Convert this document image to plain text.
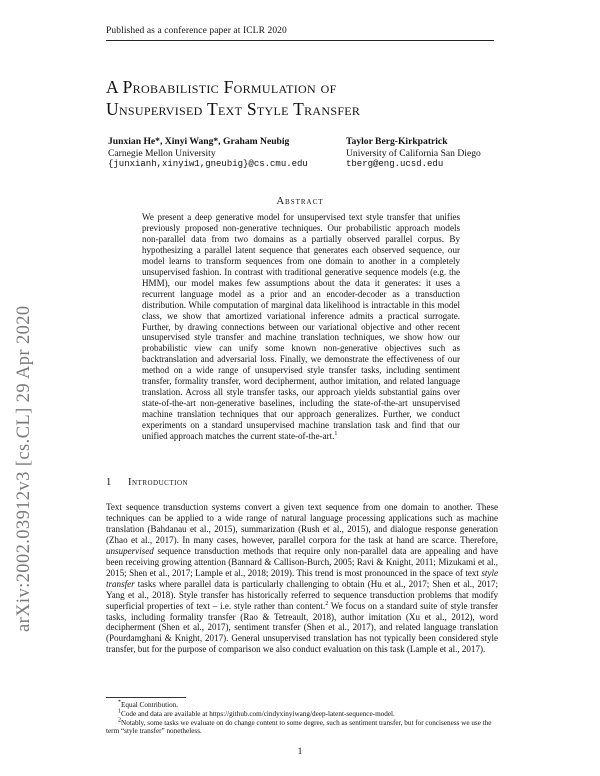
Published as a conference paper at ICLR 2020
arXiv:2002.03912v3 [cs.CL] 29 Apr 2020
A Probabilistic Formulation of
Unsupervised Text Style Transfer
Junxian He*, Xinyi Wang*, Graham Neubig
Carnegie Mellon University
{junxianh,xinyiw1,gneubig}@cs.cmu.edu
Taylor Berg-Kirkpatrick
University of California San Diego
tberg@eng.ucsd.edu
Abstract
We present a deep generative model for unsupervised text style transfer that unifies previously proposed non-generative techniques. Our probabilistic approach models non-parallel data from two domains as a partially observed parallel corpus. By hypothesizing a parallel latent sequence that generates each observed sequence, our model learns to transform sequences from one domain to another in a completely unsupervised fashion. In contrast with traditional generative sequence models (e.g. the HMM), our model makes few assumptions about the data it generates: it uses a recurrent language model as a prior and an encoder-decoder as a transduction distribution. While computation of marginal data likelihood is intractable in this model class, we show that amortized variational inference admits a practical surrogate. Further, by drawing connections between our variational objective and other recent unsupervised style transfer and machine translation techniques, we show how our probabilistic view can unify some known non-generative objectives such as backtranslation and adversarial loss. Finally, we demonstrate the effectiveness of our method on a wide range of unsupervised style transfer tasks, including sentiment transfer, formality transfer, word decipherment, author imitation, and related language translation. Across all style transfer tasks, our approach yields substantial gains over state-of-the-art non-generative baselines, including the state-of-the-art unsupervised machine translation techniques that our approach generalizes. Further, we conduct experiments on a standard unsupervised machine translation task and find that our unified approach matches the current state-of-the-art.$^1$
1 Introduction
Text sequence transduction systems convert a given text sequence from one domain to another. These techniques can be applied to a wide range of natural language processing applications such as machine translation (Bahdanau et al., 2015), summarization (Rush et al., 2015), and dialogue response generation (Zhao et al., 2017). In many cases, however, parallel corpora for the task at hand are scarce. Therefore, unsupervised sequence transduction methods that require only non-parallel data are appealing and have been receiving growing attention (Bannard & Callison-Burch, 2005; Ravi & Knight, 2011; Mizukami et al., 2015; Shen et al., 2017; Lample et al., 2018; 2019). This trend is most pronounced in the space of text style transfer tasks where parallel data is particularly challenging to obtain (Hu et al., 2017; Shen et al., 2017; Yang et al., 2018). Style transfer has historically referred to sequence transduction problems that modify superficial properties of text – i.e. style rather than content.$^2$ We focus on a standard suite of style transfer tasks, including formality transfer (Rao & Tetreault, 2018), author imitation (Xu et al., 2012), word decipherment (Shen et al., 2017), sentiment transfer (Shen et al., 2017), and related language translation (Pourdamghani & Knight, 2017). General unsupervised translation has not typically been considered style transfer, but for the purpose of comparison we also conduct evaluation on this task (Lample et al., 2017).

*Equal Contribution.

$^1$Code and data are available at https://github.com/cindyxinyiwang/deep-latent-sequence-model.

$^2$Notably, some tasks we evaluate on do change content to some degree, such as sentiment transfer, but for conciseness we use the term “style transfer” nonetheless.

1
